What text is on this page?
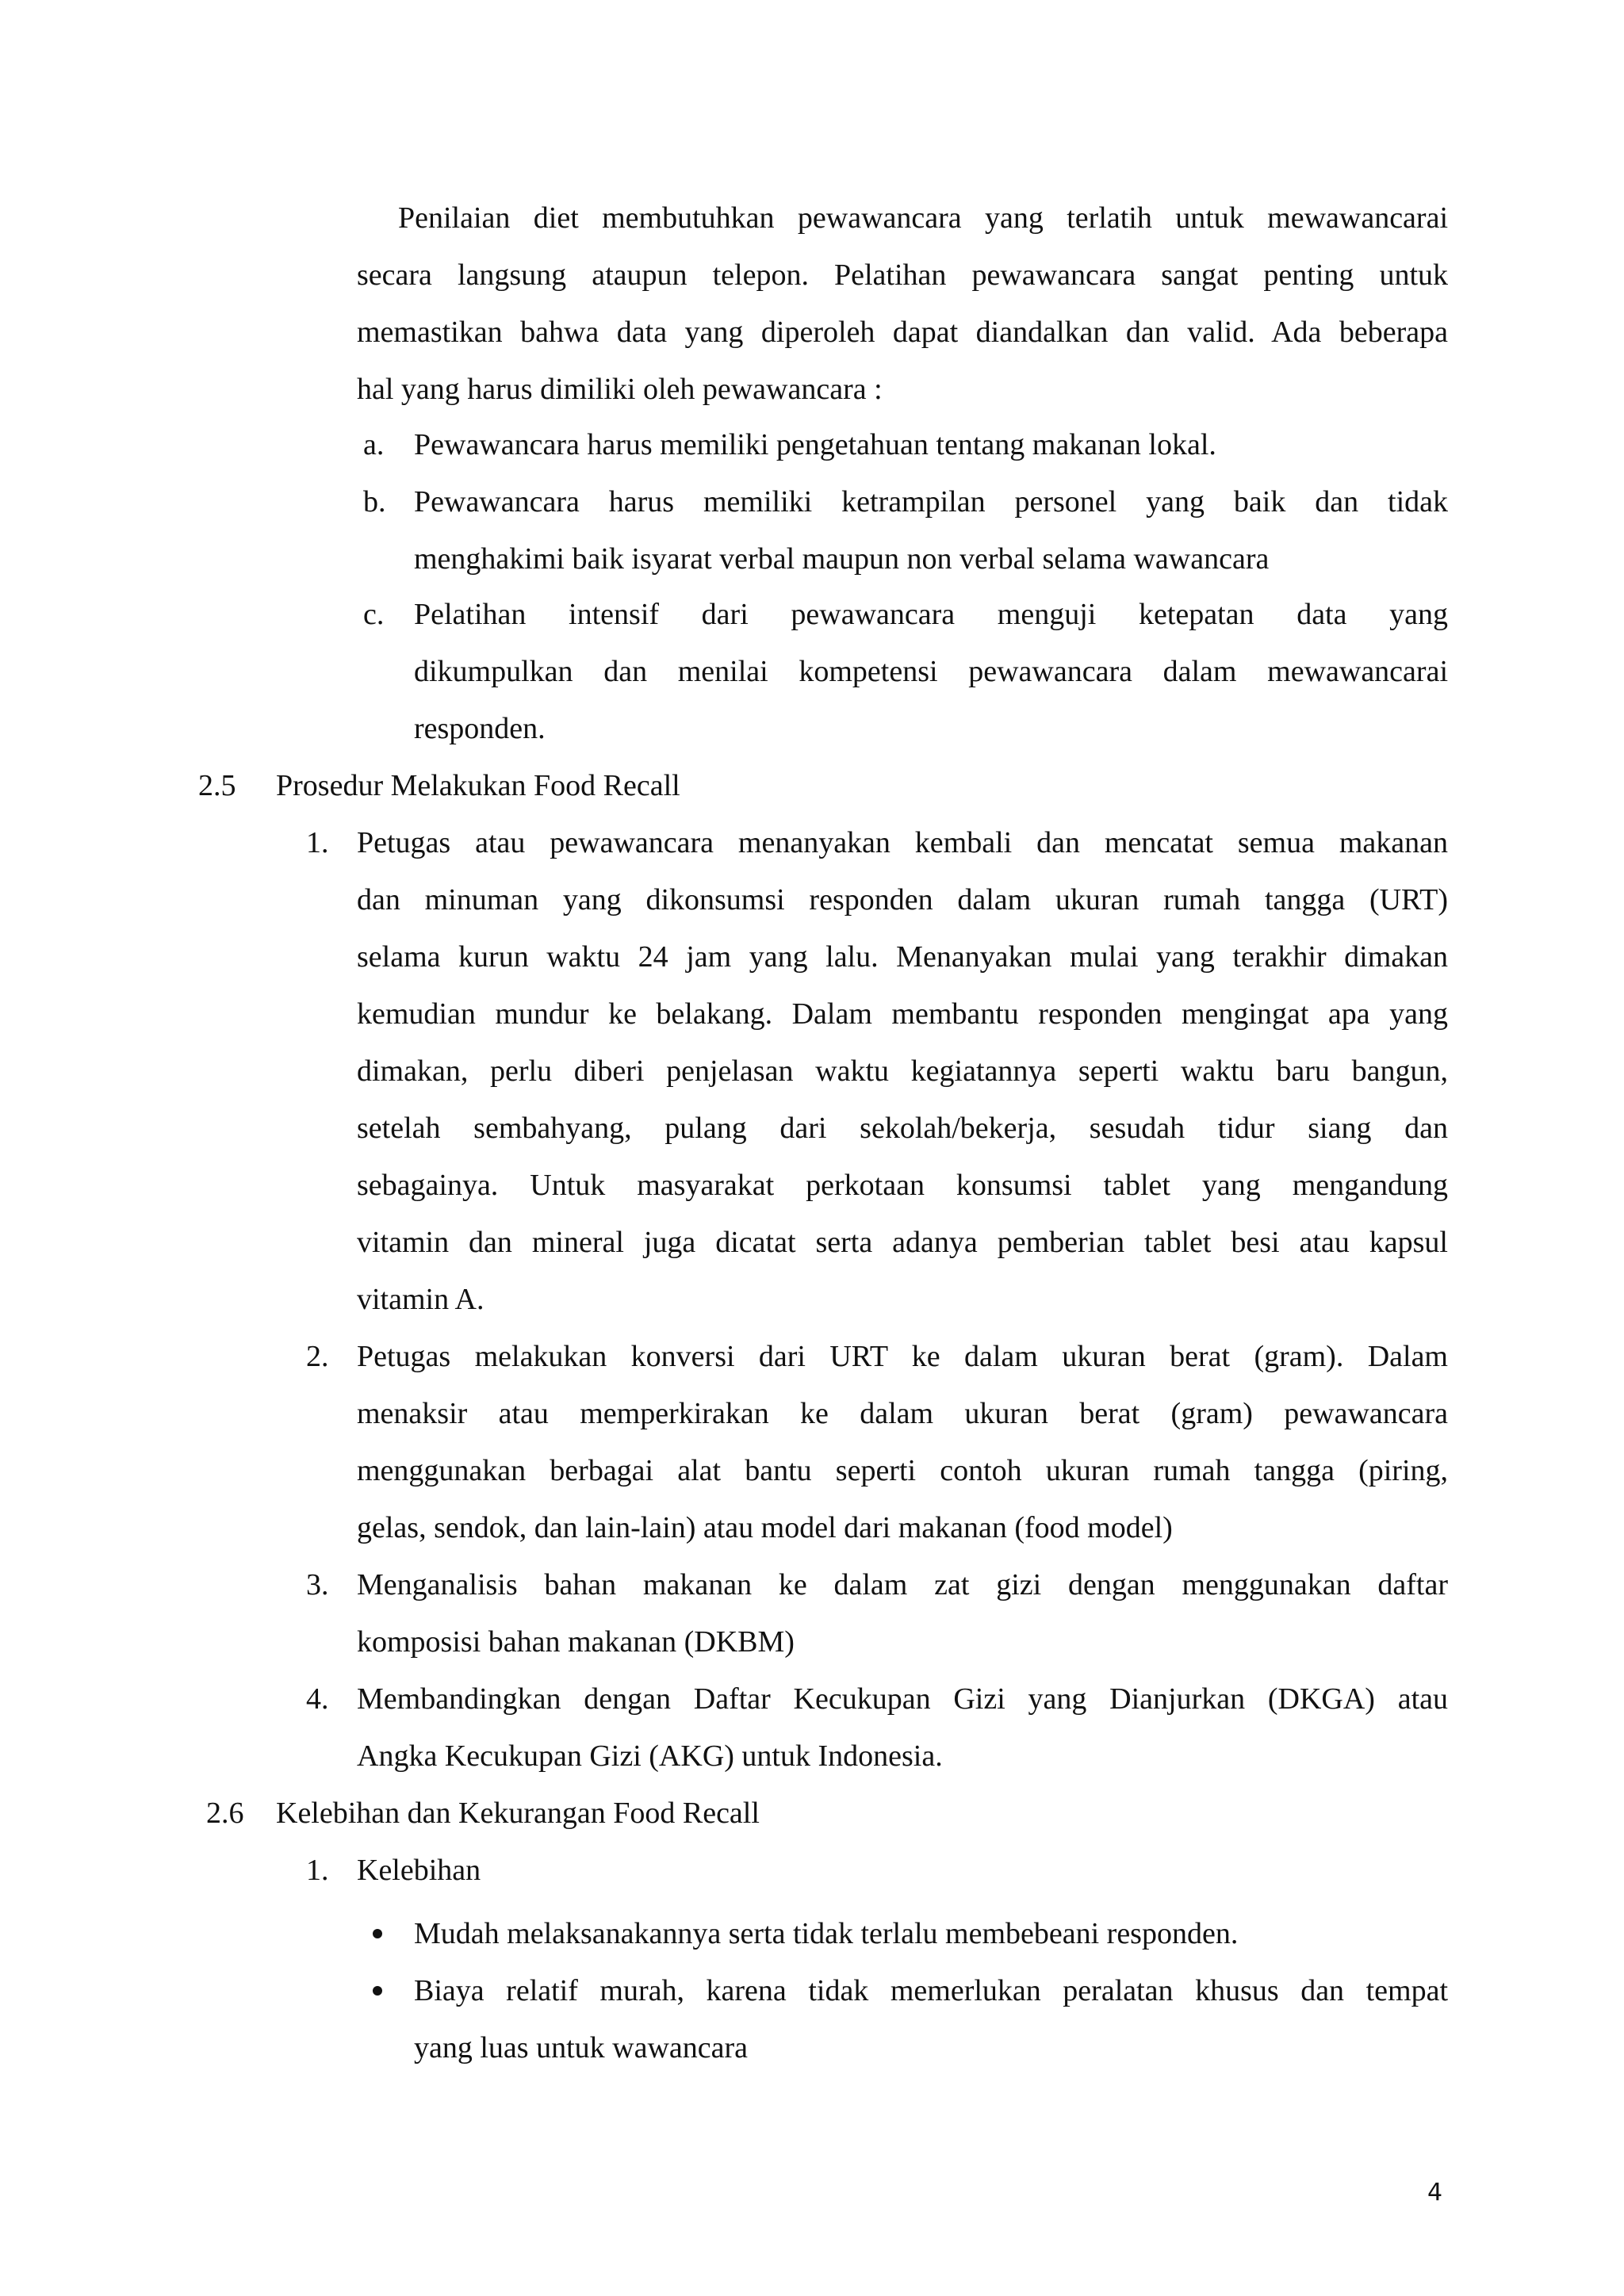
Penilaian diet membutuhkan pewawancara yang terlatih untuk mewawancarai
secara langsung ataupun telepon. Pelatihan pewawancara sangat penting untuk
memastikan bahwa data yang diperoleh dapat diandalkan dan valid. Ada beberapa
hal yang harus dimiliki oleh pewawancara :
a. Pewawancara harus memiliki pengetahuan tentang makanan lokal.
b. Pewawancara harus memiliki ketrampilan personel yang baik dan tidak
menghakimi baik isyarat verbal maupun non verbal selama wawancara
c. Pelatihan intensif dari pewawancara menguji ketepatan data yang
dikumpulkan dan menilai kompetensi pewawancara dalam mewawancarai
responden.
2.5 Prosedur Melakukan Food Recall
1. Petugas atau pewawancara menanyakan kembali dan mencatat semua makanan
dan minuman yang dikonsumsi responden dalam ukuran rumah tangga (URT)
selama kurun waktu 24 jam yang lalu. Menanyakan mulai yang terakhir dimakan
kemudian mundur ke belakang. Dalam membantu responden mengingat apa yang
dimakan, perlu diberi penjelasan waktu kegiatannya seperti waktu baru bangun,
setelah sembahyang, pulang dari sekolah/bekerja, sesudah tidur siang dan
sebagainya. Untuk masyarakat perkotaan konsumsi tablet yang mengandung
vitamin dan mineral juga dicatat serta adanya pemberian tablet besi atau kapsul
vitamin A.
2. Petugas melakukan konversi dari URT ke dalam ukuran berat (gram). Dalam
menaksir atau memperkirakan ke dalam ukuran berat (gram) pewawancara
menggunakan berbagai alat bantu seperti contoh ukuran rumah tangga (piring,
gelas, sendok, dan lain-lain) atau model dari makanan (food model)
3. Menganalisis bahan makanan ke dalam zat gizi dengan menggunakan daftar
komposisi bahan makanan (DKBM)
4. Membandingkan dengan Daftar Kecukupan Gizi yang Dianjurkan (DKGA) atau
Angka Kecukupan Gizi (AKG) untuk Indonesia.
2.6 Kelebihan dan Kekurangan Food Recall
1. Kelebihan
Mudah melaksanakannya serta tidak terlalu membebeani responden.
Biaya relatif murah, karena tidak memerlukan peralatan khusus dan tempat
yang luas untuk wawancara
4
